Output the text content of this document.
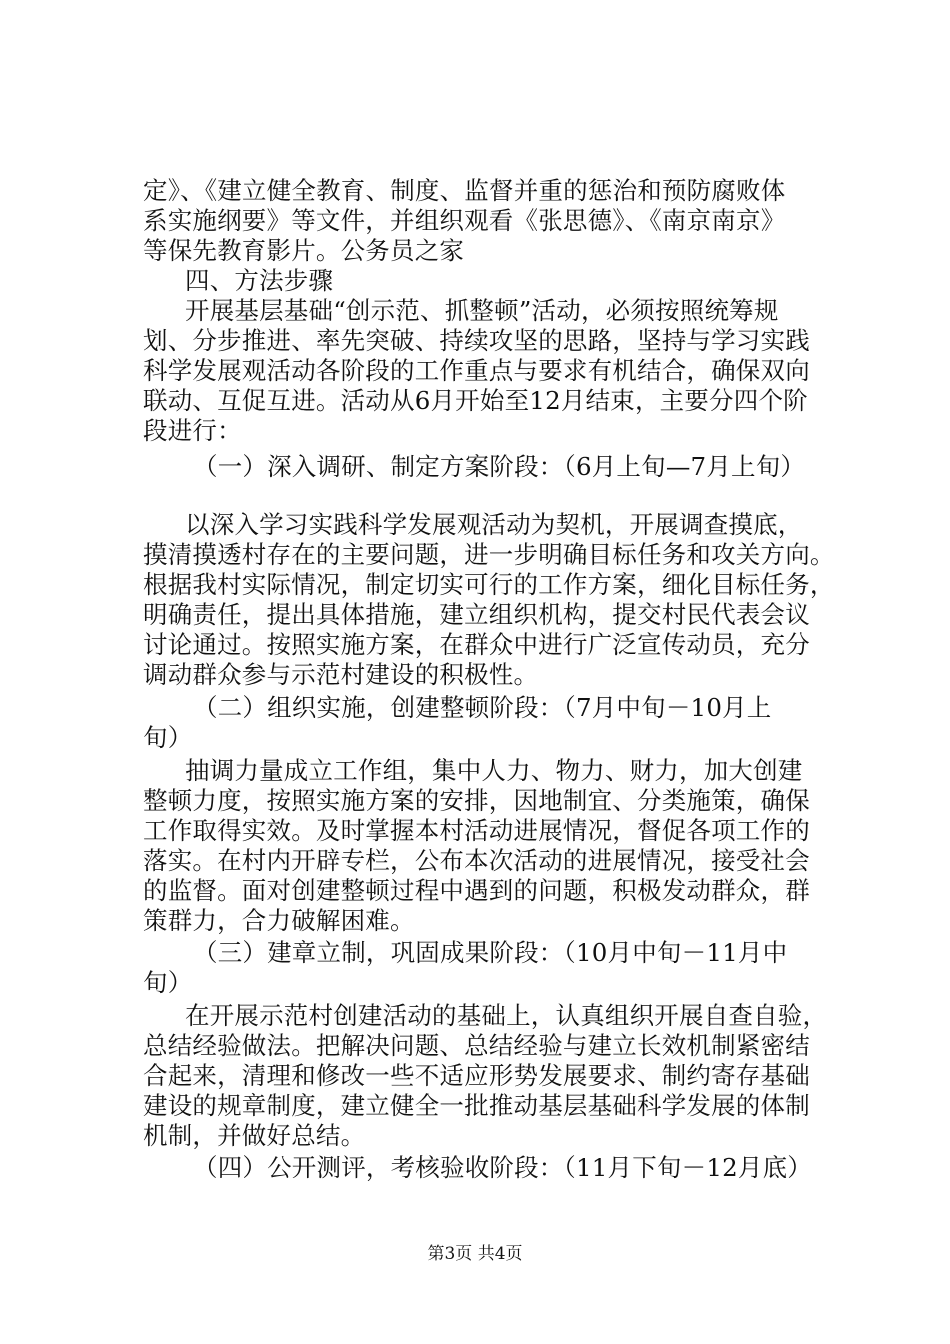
定》、《建立健全教育、制度、监督并重的惩治和预防腐败体
系实施纲要》等文件，并组织观看《张思德》、《南京南京》
等保先教育影片。公务员之家
四、方法步骤
开展基层基础“创示范、抓整顿”活动，必须按照统筹规
划、分步推进、率先突破、持续攻坚的思路，坚持与学习实践
科学发展观活动各阶段的工作重点与要求有机结合，确保双向
联动、互促互进。活动从6月开始至12月结束，主要分四个阶
段进行：
（一）深入调研、制定方案阶段：（6月上旬—7月上旬）
以深入学习实践科学发展观活动为契机，开展调查摸底，
摸清摸透村存在的主要问题，进一步明确目标任务和攻关方向。
根据我村实际情况，制定切实可行的工作方案，细化目标任务，
明确责任，提出具体措施，建立组织机构，提交村民代表会议
讨论通过。按照实施方案，在群众中进行广泛宣传动员，充分
调动群众参与示范村建设的积极性。
（二）组织实施，创建整顿阶段：（7月中旬－10月上
旬）
抽调力量成立工作组，集中人力、物力、财力，加大创建
整顿力度，按照实施方案的安排，因地制宜、分类施策，确保
工作取得实效。及时掌握本村活动进展情况，督促各项工作的
落实。在村内开辟专栏，公布本次活动的进展情况，接受社会
的监督。面对创建整顿过程中遇到的问题，积极发动群众，群
策群力，合力破解困难。
（三）建章立制，巩固成果阶段：（10月中旬－11月中
旬）
在开展示范村创建活动的基础上，认真组织开展自查自验，
总结经验做法。把解决问题、总结经验与建立长效机制紧密结
合起来，清理和修改一些不适应形势发展要求、制约寄存基础
建设的规章制度，建立健全一批推动基层基础科学发展的体制
机制，并做好总结。
（四）公开测评，考核验收阶段：（11月下旬－12月底）
第3页 共4页
